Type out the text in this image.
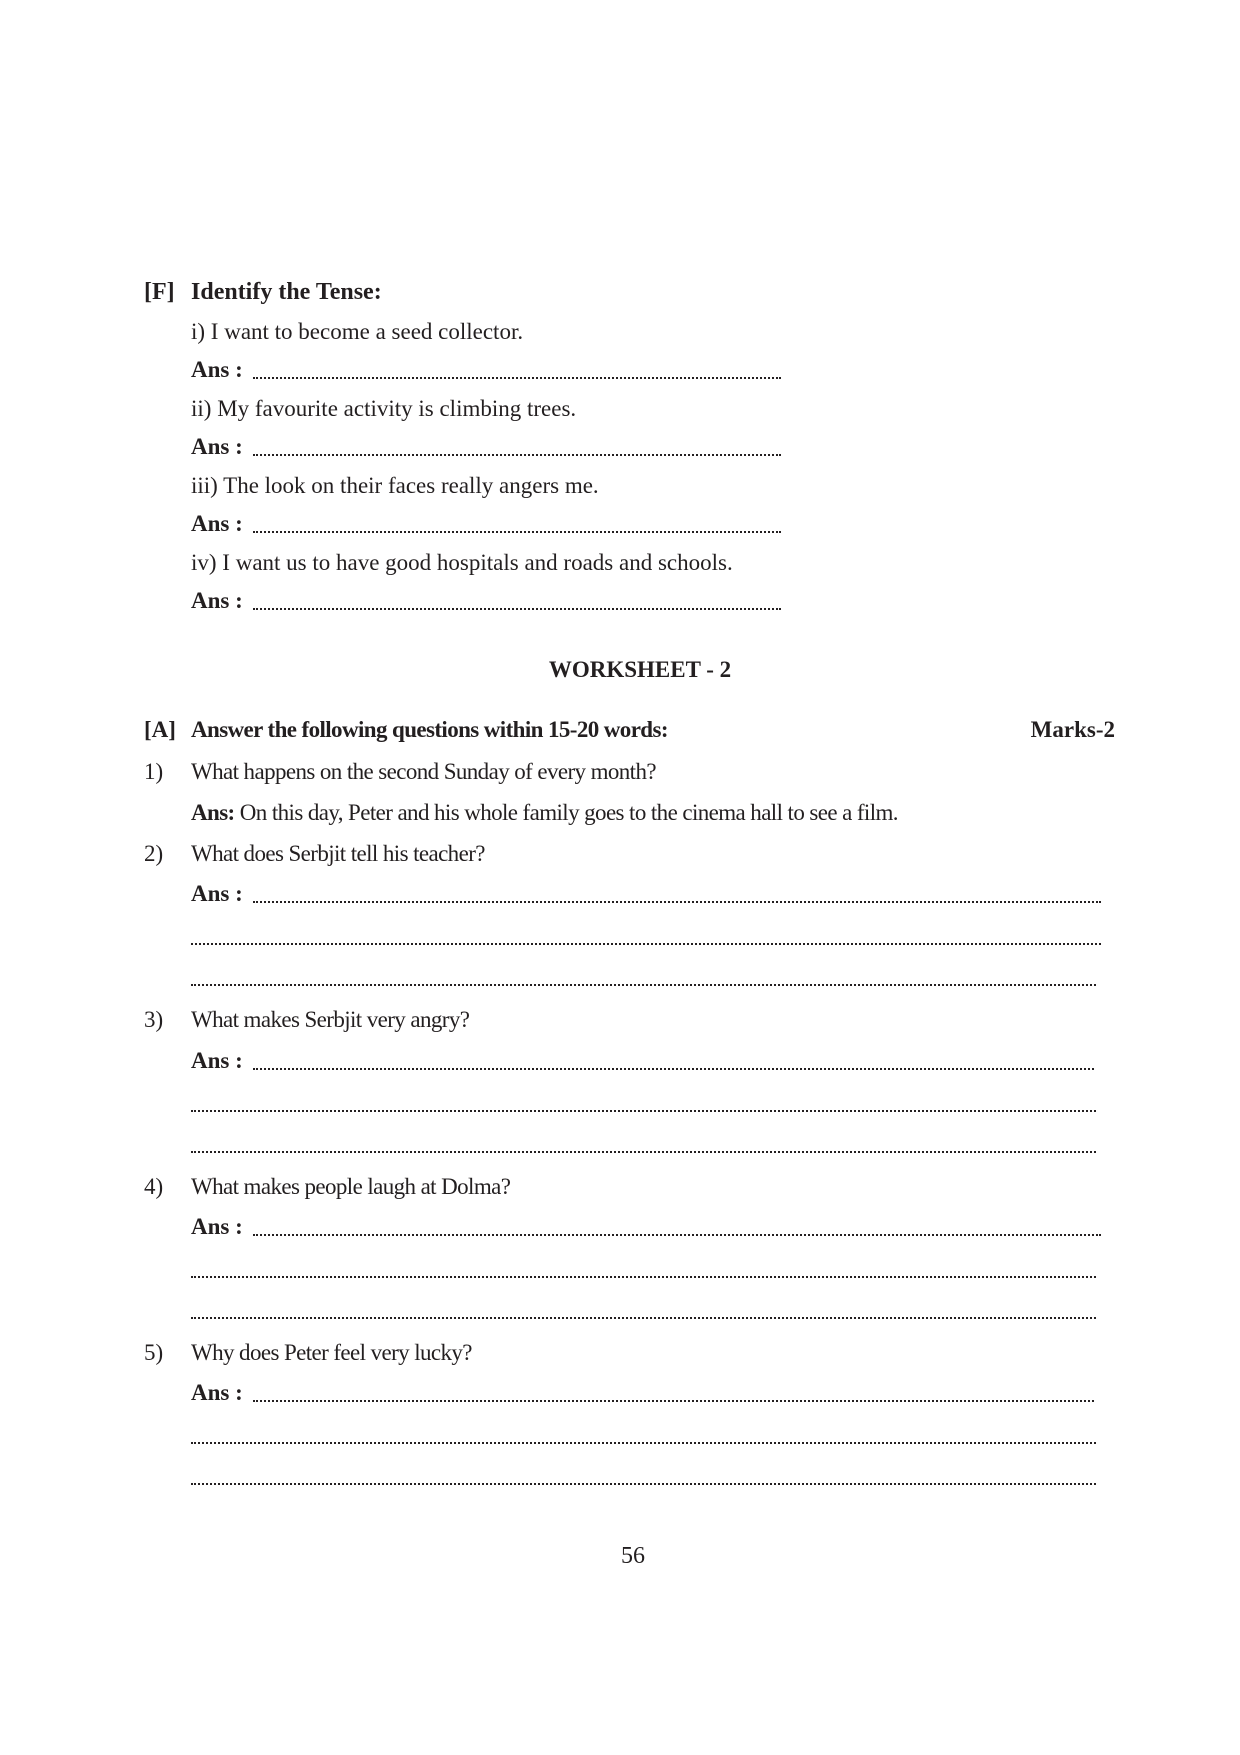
[F] Identify the Tense:
i) I want to become a seed collector.
Ans :
ii) My favourite activity is climbing trees.
Ans :
iii) The look on their faces really angers me.
Ans :
iv) I want us to have good hospitals and roads and schools.
Ans :
WORKSHEET - 2
[A] Answer the following questions within 15-20 words:	Marks-2
1) What happens on the second Sunday of every month?
Ans: On this day, Peter and his whole family goes to the cinema hall to see a film.
2) What does Serbjit tell his teacher?
Ans :
3) What makes Serbjit very angry?
Ans :
4) What makes people laugh at Dolma?
Ans :
5) Why does Peter feel very lucky?
Ans :
56
